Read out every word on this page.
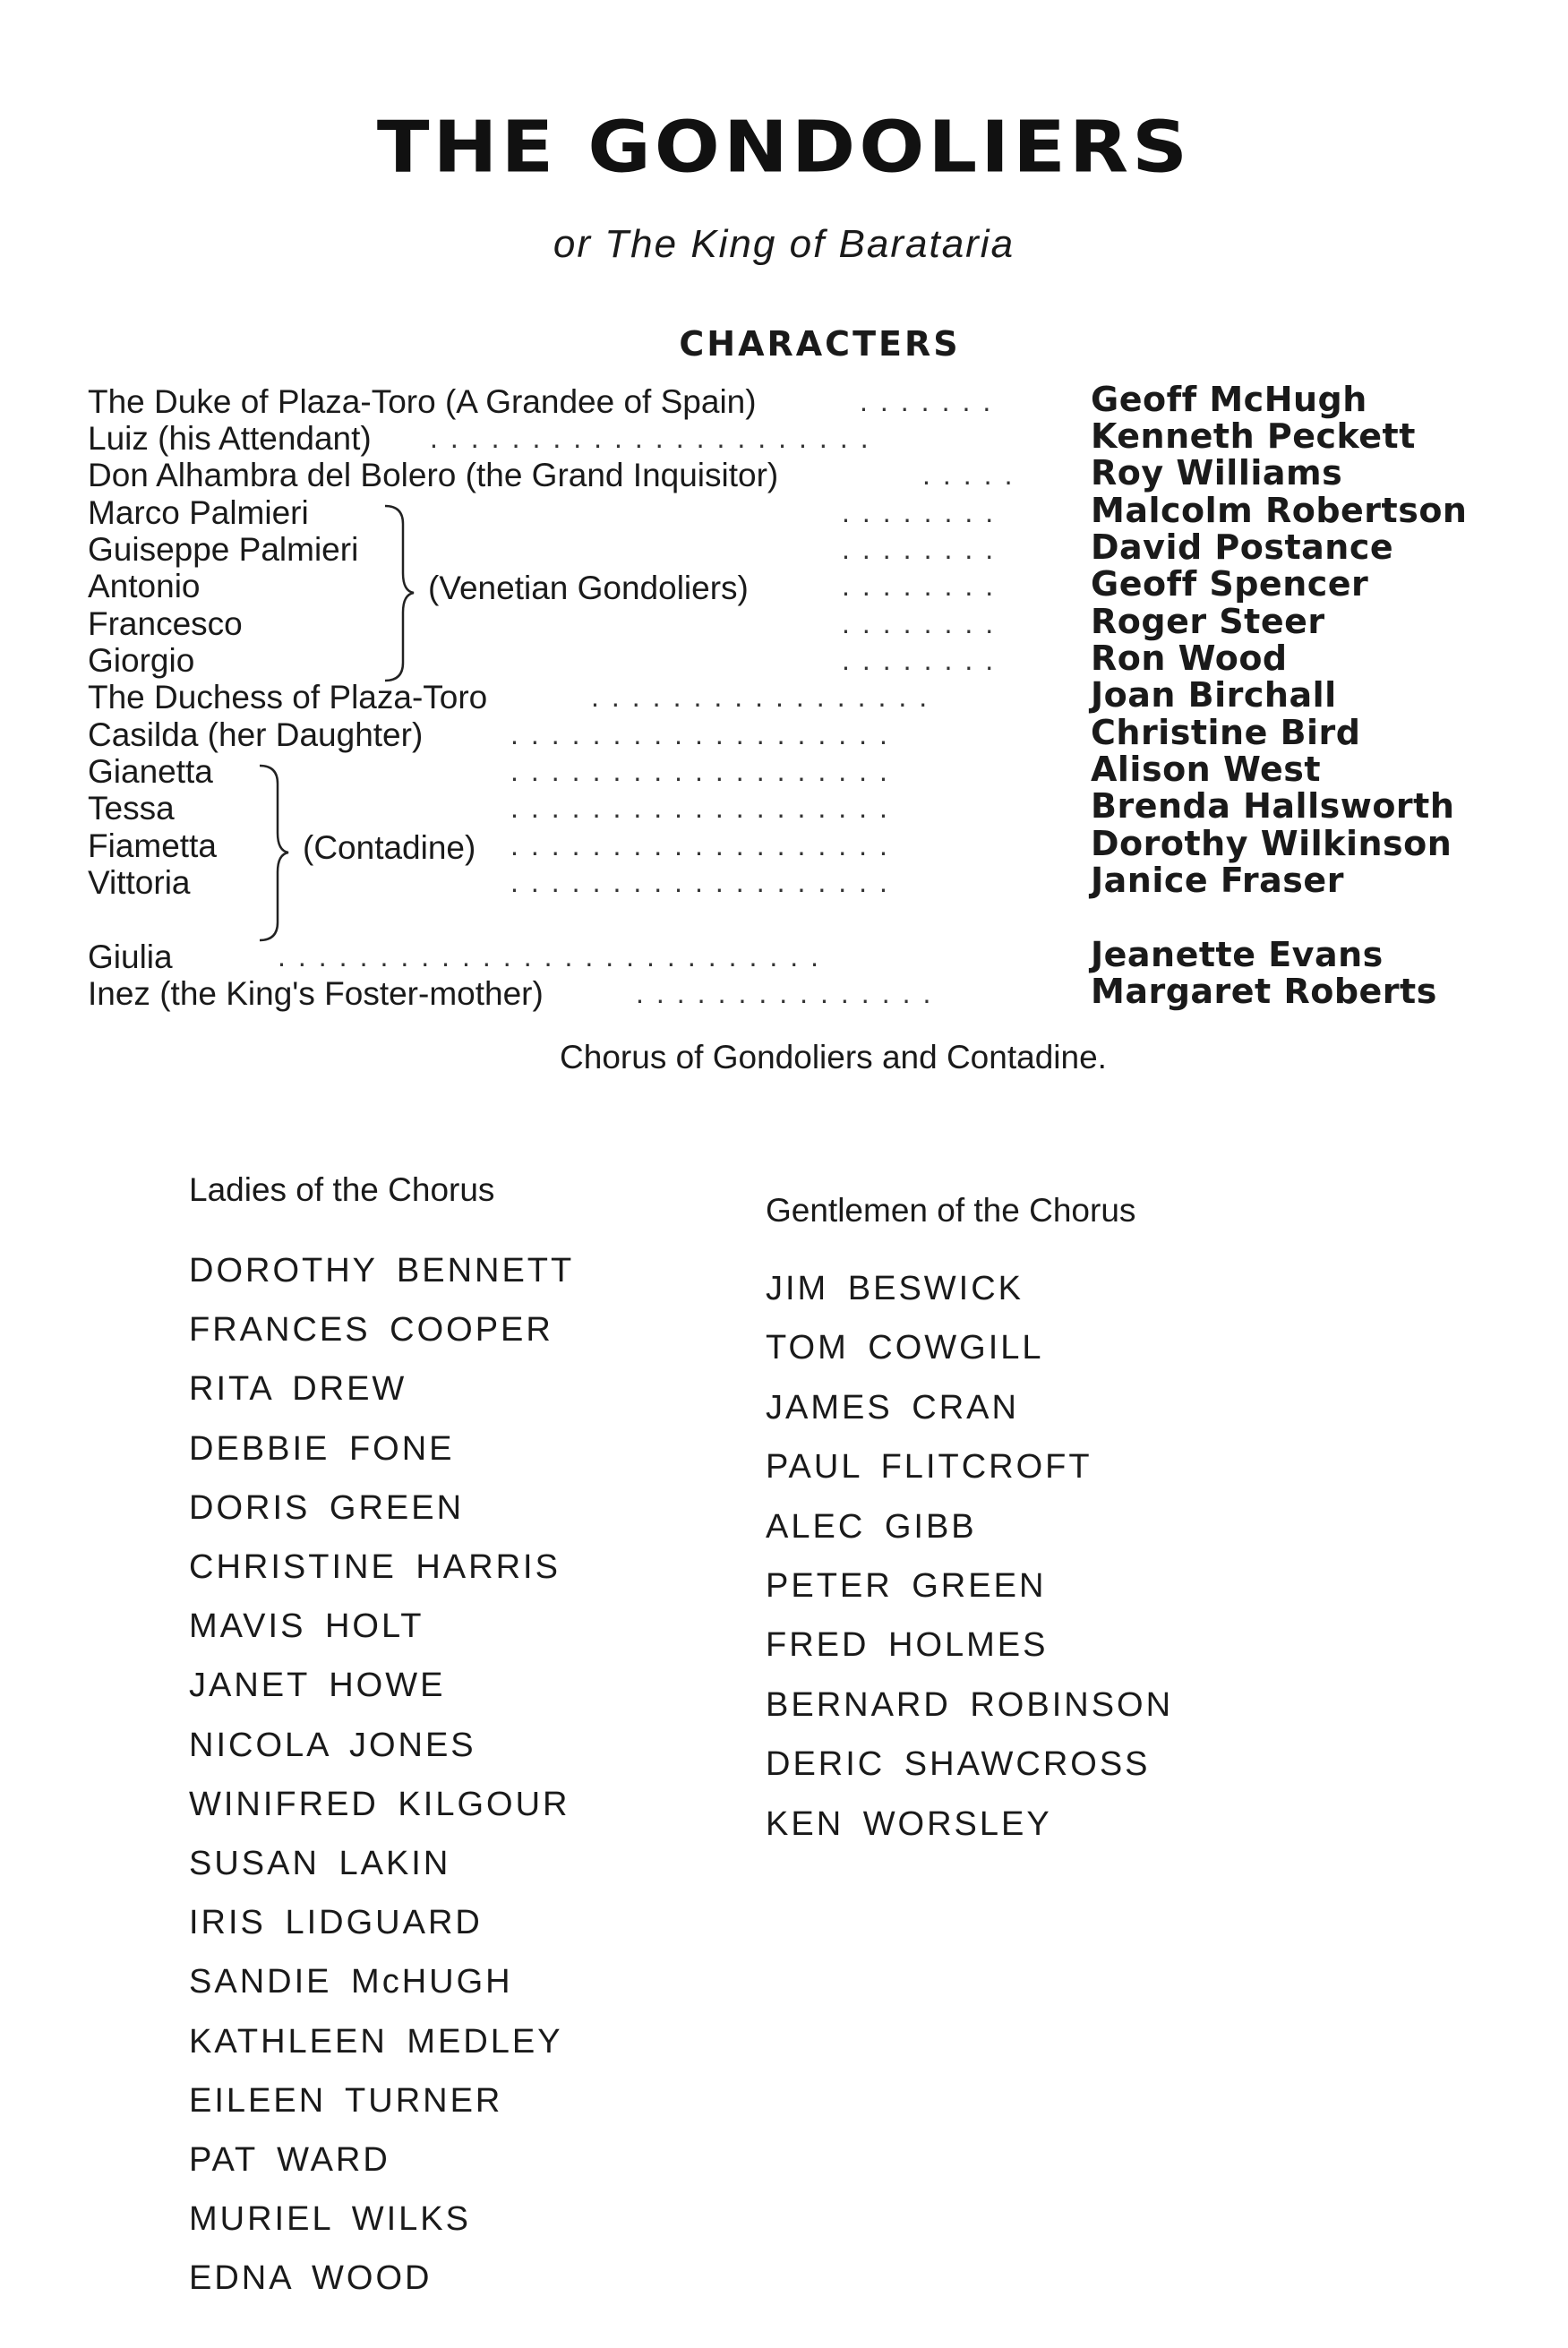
THE GONDOLIERS
or The King of Barataria
CHARACTERS
The Duke of Plaza-Toro (A Grandee of Spain)	.......	Geoff McHugh
Luiz (his Attendant) ......................	Kenneth Peckett
Don Alhambra del Bolero (the Grand Inquisitor)	..... Roy Williams
Marco Palmieri	........ Malcolm Robertson
Guiseppe Palmieri	........ David Postance
Antonio	........ Geoff Spencer
Francesco	........ Roger Steer
Giorgio	........ Ron Wood
The Duchess of Plaza-Toro	.................	Joan Birchall
Casilda (her Daughter)	...................	Christine Bird
Gianetta	...................	Alison West
Tessa	...................	Brenda Hallsworth
Fiametta	...................	Dorothy Wilkinson
Vittoria	...................	Janice Fraser
Giulia	...........................	Jeanette Evans
Inez (the King's Foster-mother)	...............	Margaret Roberts
(Venetian Gondoliers)
(Contadine)
Chorus of Gondoliers and Contadine.
Ladies of the Chorus
Gentlemen of the Chorus
DOROTHY BENNETT
FRANCES COOPER
RITA DREW
DEBBIE FONE
DORIS GREEN
CHRISTINE HARRIS
MAVIS HOLT
JANET HOWE
NICOLA JONES
WINIFRED KILGOUR
SUSAN LAKIN
IRIS LIDGUARD
SANDIE McHUGH
KATHLEEN MEDLEY
EILEEN TURNER
PAT WARD
MURIEL WILKS
EDNA WOOD
JIM BESWICK
TOM COWGILL
JAMES CRAN
PAUL FLITCROFT
ALEC GIBB
PETER GREEN
FRED HOLMES
BERNARD ROBINSON
DERIC SHAWCROSS
KEN WORSLEY
